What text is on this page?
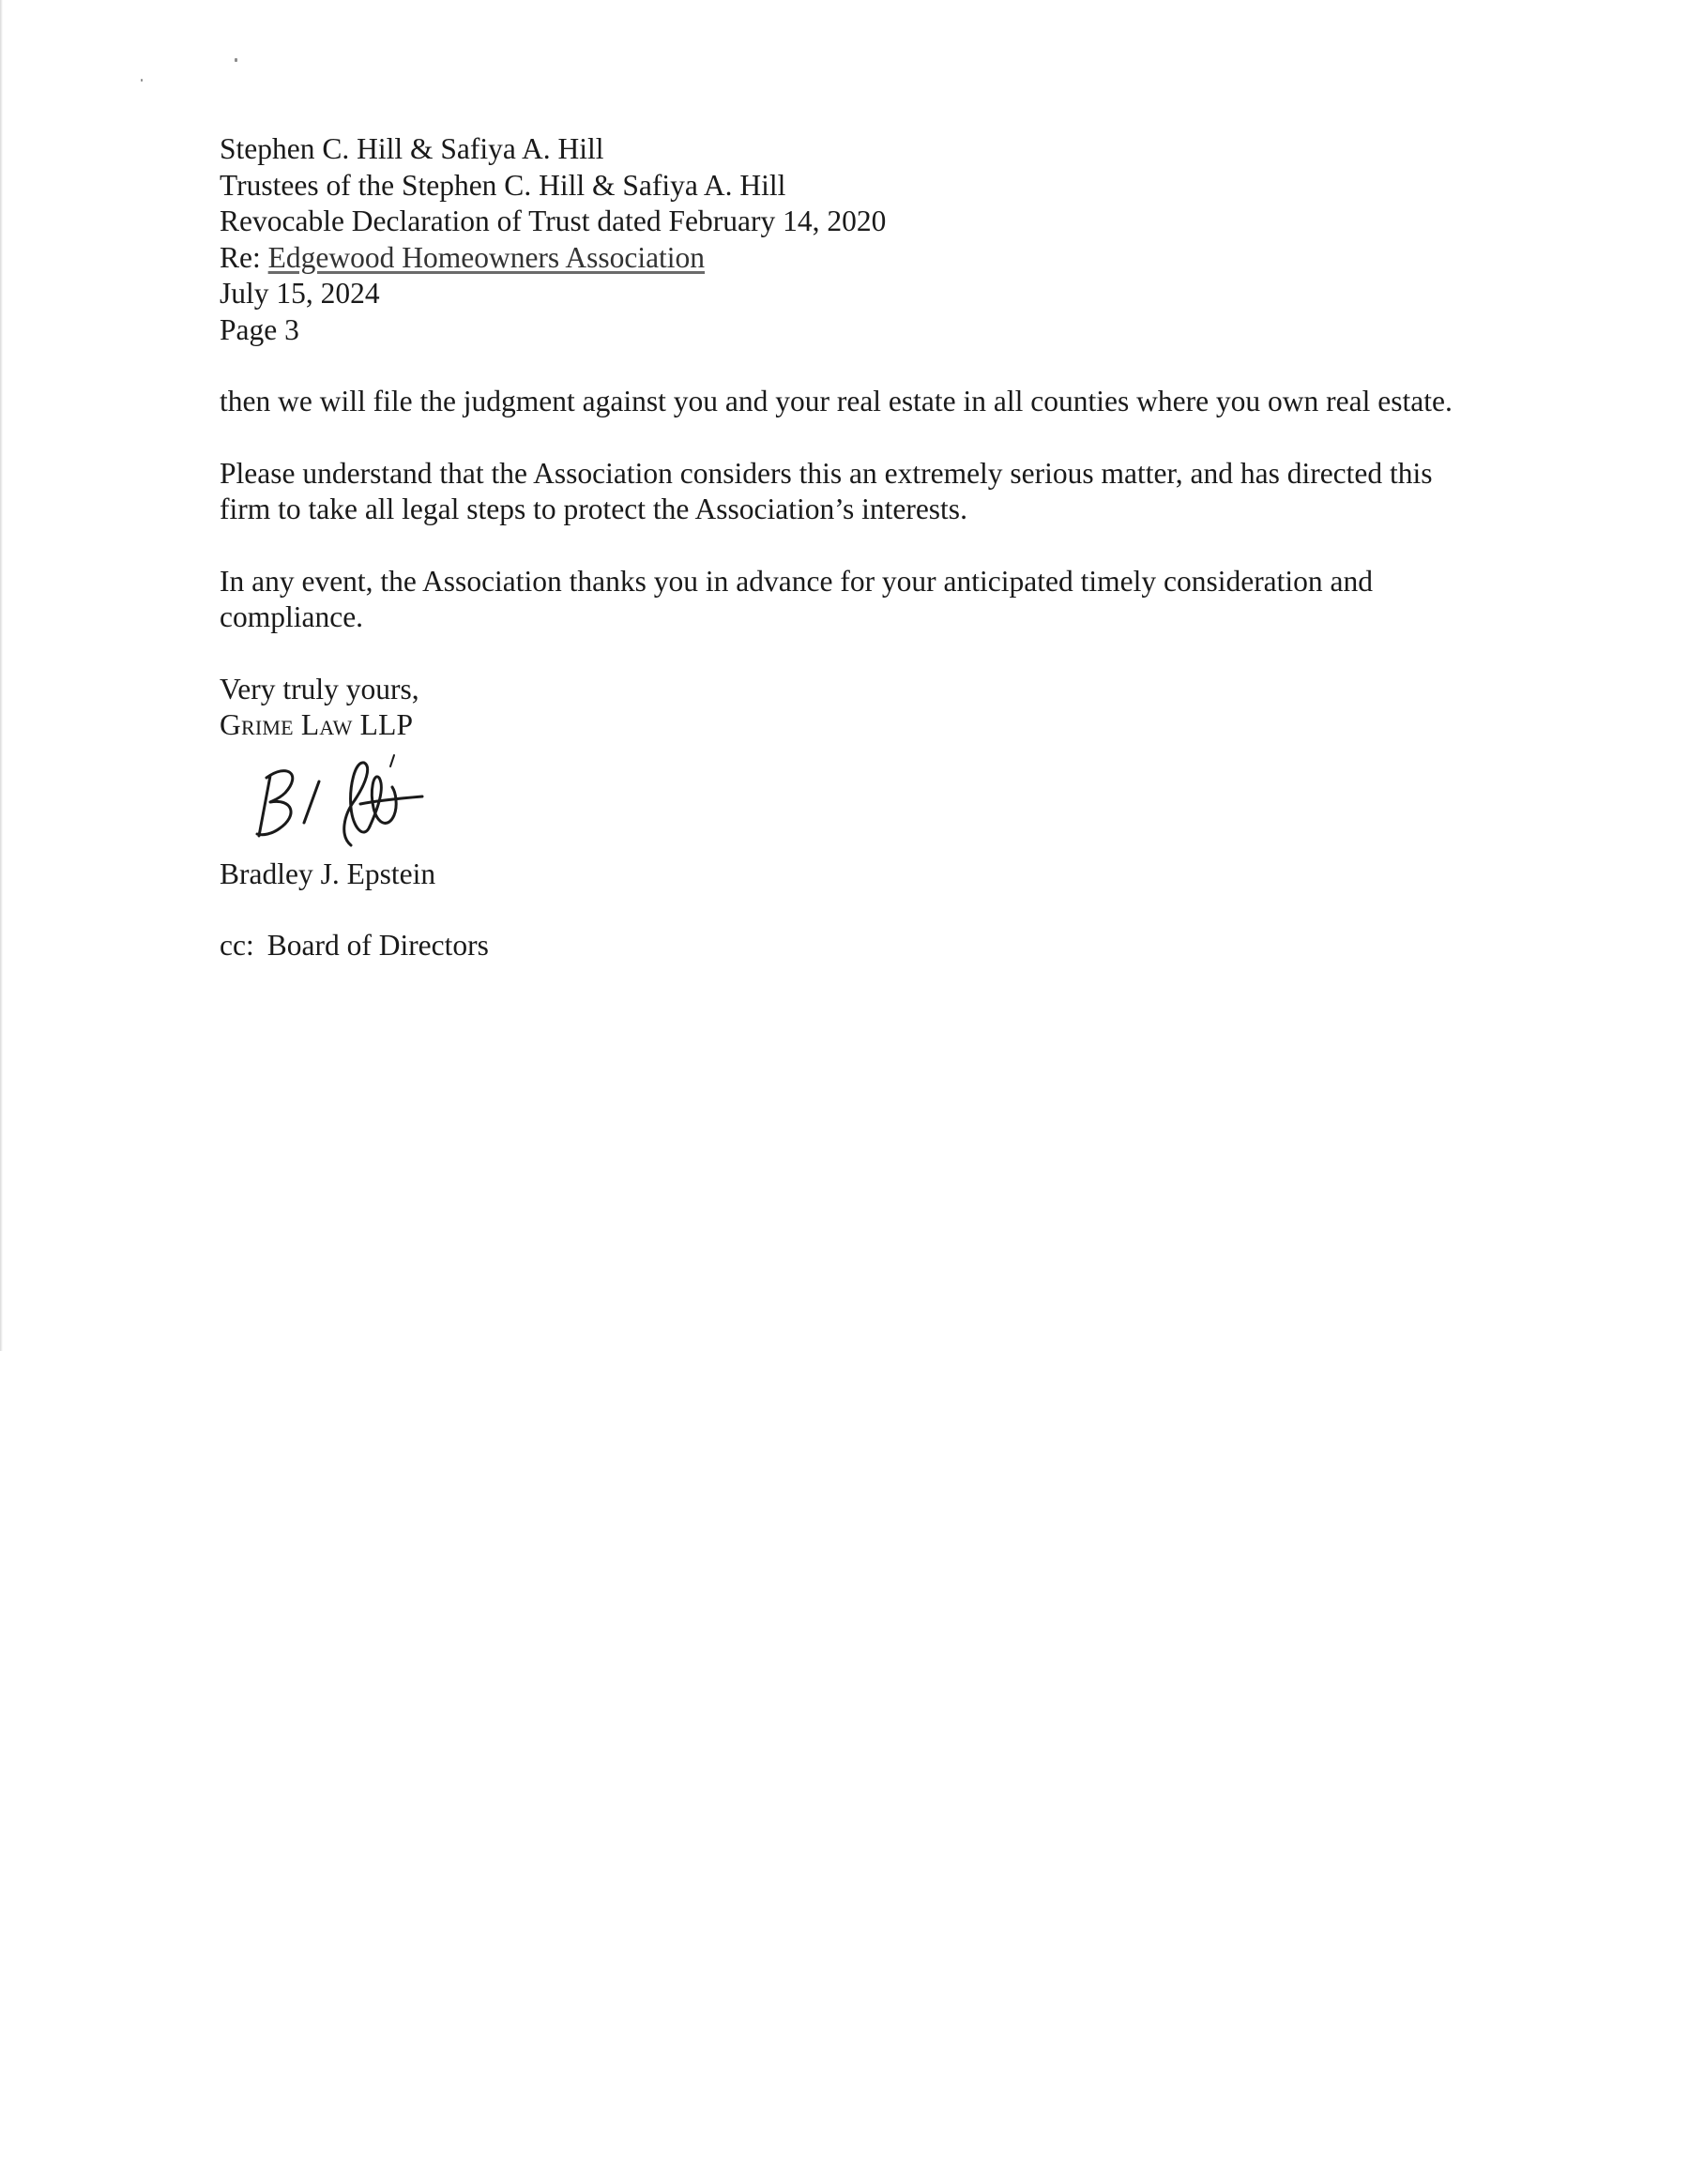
Stephen C. Hill & Safiya A. Hill
Trustees of the Stephen C. Hill & Safiya A. Hill
Revocable Declaration of Trust dated February 14, 2020
Re: Edgewood Homeowners Association
July 15, 2024
Page 3

then we will file the judgment against you and your real estate in all counties where you own real estate.

Please understand that the Association considers this an extremely serious matter, and has directed this firm to take all legal steps to protect the Association’s interests.

In any event, the Association thanks you in advance for your anticipated timely consideration and compliance.

Very truly yours,
Grime Law LLP
Bradley J. Epstein
cc: Board of Directors
